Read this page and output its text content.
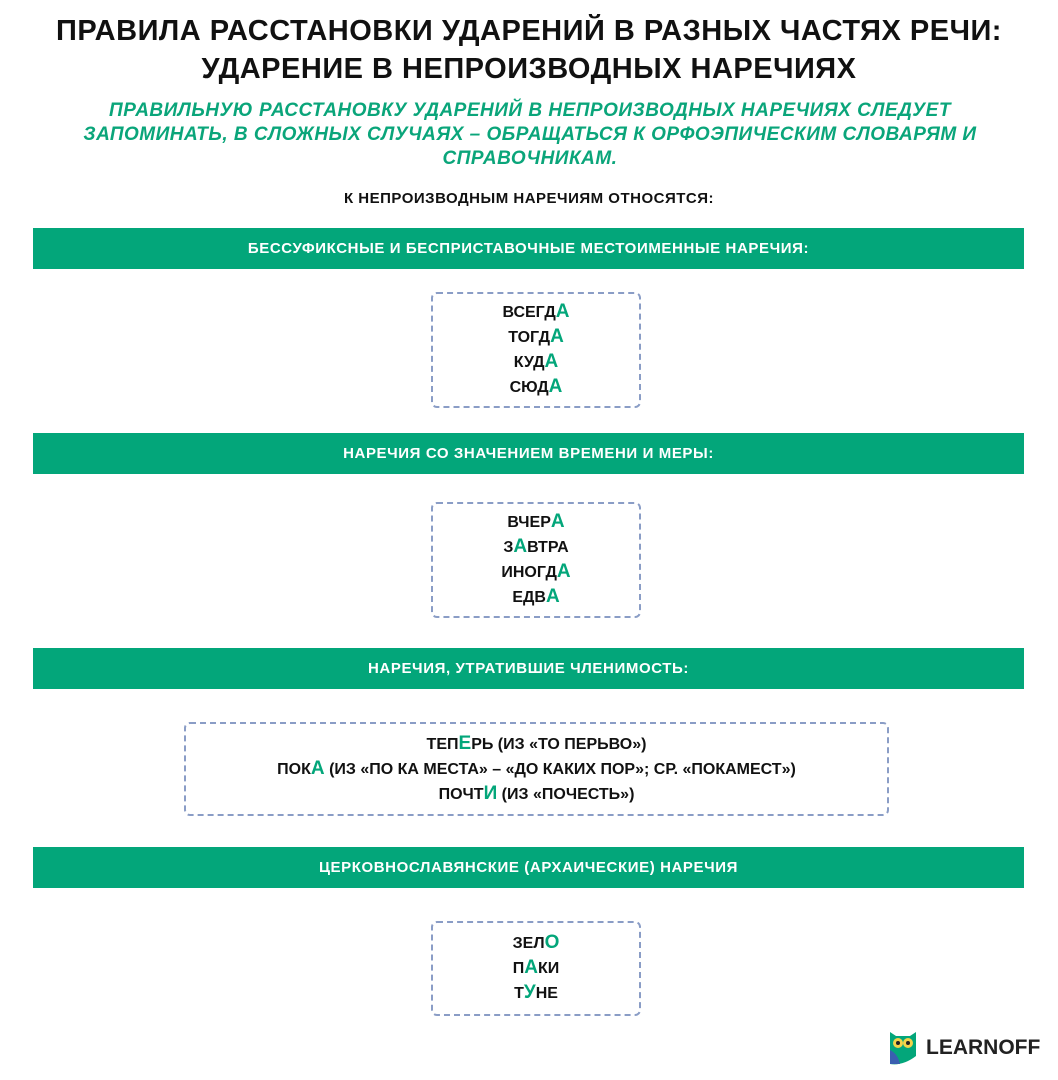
ПРАВИЛА РАССТАНОВКИ УДАРЕНИЙ В РАЗНЫХ ЧАСТЯХ РЕЧИ:
УДАРЕНИЕ В НЕПРОИЗВОДНЫХ НАРЕЧИЯХ
ПРАВИЛЬНУЮ РАССТАНОВКУ УДАРЕНИЙ В НЕПРОИЗВОДНЫХ НАРЕЧИЯХ СЛЕДУЕТ
ЗАПОМИНАТЬ, В СЛОЖНЫХ СЛУЧАЯХ – ОБРАЩАТЬСЯ К ОРФОЭПИЧЕСКИМ СЛОВАРЯМ И
СПРАВОЧНИКАМ.
К НЕПРОИЗВОДНЫМ НАРЕЧИЯМ ОТНОСЯТСЯ:
БЕССУФИКСНЫЕ И БЕСПРИСТАВОЧНЫЕ МЕСТОИМЕННЫЕ НАРЕЧИЯ:
ВСЕГДА
ТОГДА
КУДА
СЮДА
НАРЕЧИЯ СО ЗНАЧЕНИЕМ ВРЕМЕНИ И МЕРЫ:
ВЧЕРА
ЗАВТРА
ИНОГДА
ЕДВА
НАРЕЧИЯ, УТРАТИВШИЕ ЧЛЕНИМОСТЬ:
ТЕПЕРЬ (ИЗ «ТО ПЕРЬВО»)
ПОКА (ИЗ «ПО КА МЕСТА» – «ДО КАКИХ ПОР»; СР. «ПОКАМЕСТ»)
ПОЧТИ (ИЗ «ПОЧЕСТЬ»)
ЦЕРКОВНОСЛАВЯНСКИЕ (АРХАИЧЕСКИЕ) НАРЕЧИЯ
ЗЕЛО
ПАКИ
ТУНЕ
LEARNOFF
